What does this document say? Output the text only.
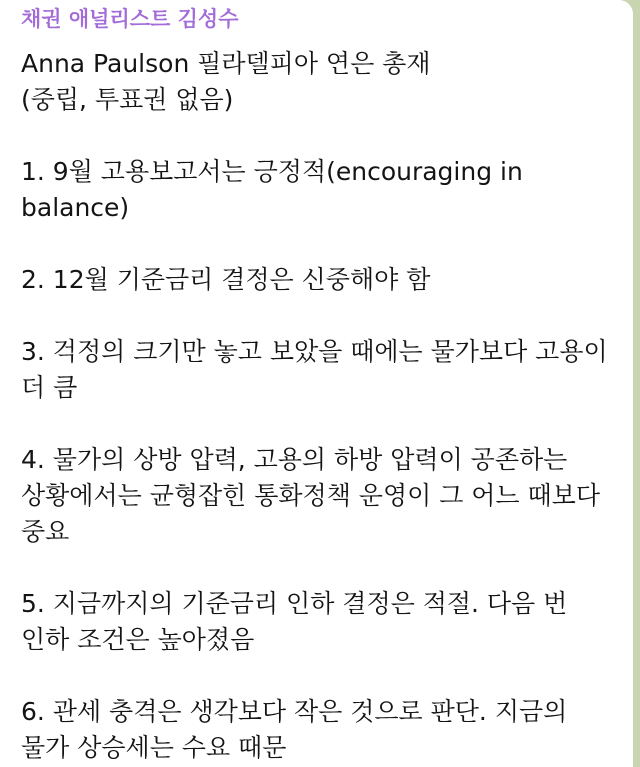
채권 애널리스트 김성수

Anna Paulson 필라델피아 연은 총재

(중립, 투표권 없음)

1. 9월 고용보고서는 긍정적(encouraging in

balance)

2. 12월 기준금리 결정은 신중해야 함

3. 걱정의 크기만 놓고 보았을 때에는 물가보다 고용이

더 큼

4. 물가의 상방 압력, 고용의 하방 압력이 공존하는

상황에서는 균형잡힌 통화정책 운영이 그 어느 때보다

중요

5. 지금까지의 기준금리 인하 결정은 적절. 다음 번

인하 조건은 높아졌음

6. 관세 충격은 생각보다 작은 것으로 판단. 지금의

물가 상승세는 수요 때문
